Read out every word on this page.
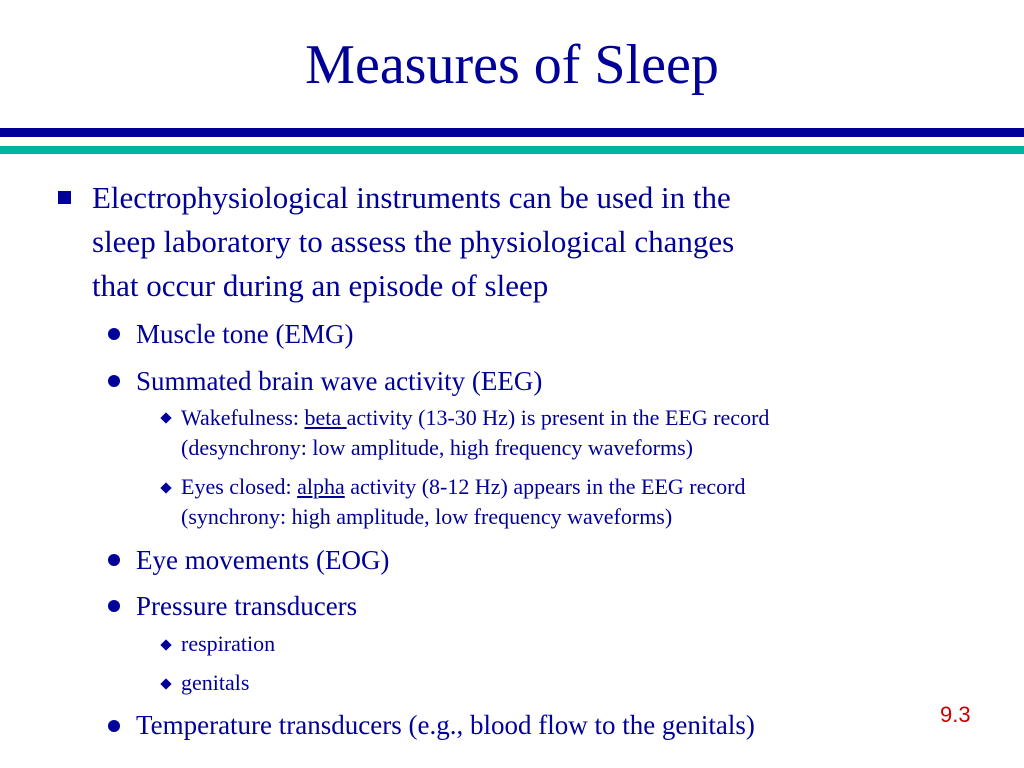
Measures of Sleep
Electrophysiological instruments can be used in the
sleep laboratory to assess the physiological changes
that occur during an episode of sleep
Muscle tone (EMG)
Summated brain wave activity (EEG)
Wakefulness: beta activity (13-30 Hz) is present in the EEG record
(desynchrony: low amplitude, high frequency waveforms)
Eyes closed: alpha activity (8-12 Hz) appears in the EEG record
(synchrony: high amplitude, low frequency waveforms)
Eye movements (EOG)
Pressure transducers
respiration
genitals
Temperature transducers (e.g., blood flow to the genitals)	9.3
